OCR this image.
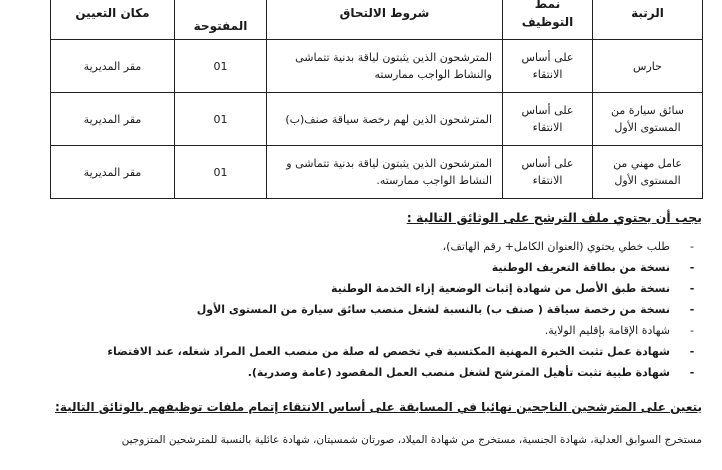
الرتبة	نمط التوظيف	شروط الالتحاق	المفتوحة	مكان التعيين
حارس	على أساس الانتقاء	المترشحون الذين يثبتون لياقة بدنية تتماشى والنشاط الواجب ممارسته	01	مقر المديرية
سائق سيارة من المستوى الأول	على أساس الانتقاء	المترشحون الذين لهم رخصة سياقة صنف(ب)	01	مقر المديرية
عامل مهني من المستوى الأول	على أساس الانتقاء	المترشحون الذين يثبتون لياقة بدنية تتماشى و النشاط الواجب ممارسته.	01	مقر المديرية
يجب أن يحتوي ملف الترشح على الوثائق التالية :
-
طلب خطي يحتوي (العنوان الكامل+ رقم الهاتف)،
-
نسخة من بطاقة التعريف الوطنية
-
نسخة طبق الأصل من شهادة إثبات الوضعية إزاء الخدمة الوطنية
-
نسخة من رخصة سياقة ( صنف ب) بالنسبة لشغل منصب سائق سيارة من المستوى الأول
-
شهادة الإقامة بإقليم الولاية.
-
شهادة عمل تثبت الخبرة المهنية المكتسبة في تخصص له صلة من منصب العمل المراد شغله، عند الاقتضاء
-
شهادة طبية تثبت تأهيل المترشح لشغل منصب العمل المقصود (عامة وصدرية).
يتعين على المترشحين الناجحين نهائيا في المسابقة على أساس الانتقاء إتمام ملفات توظيفهم بالوثائق التالية:
مستخرج السوابق العدلية، شهادة الجنسية، مستخرج من شهادة الميلاد، صورتان شمسيتان، شهادة عائلية بالنسبة للمترشحين المتزوجين
